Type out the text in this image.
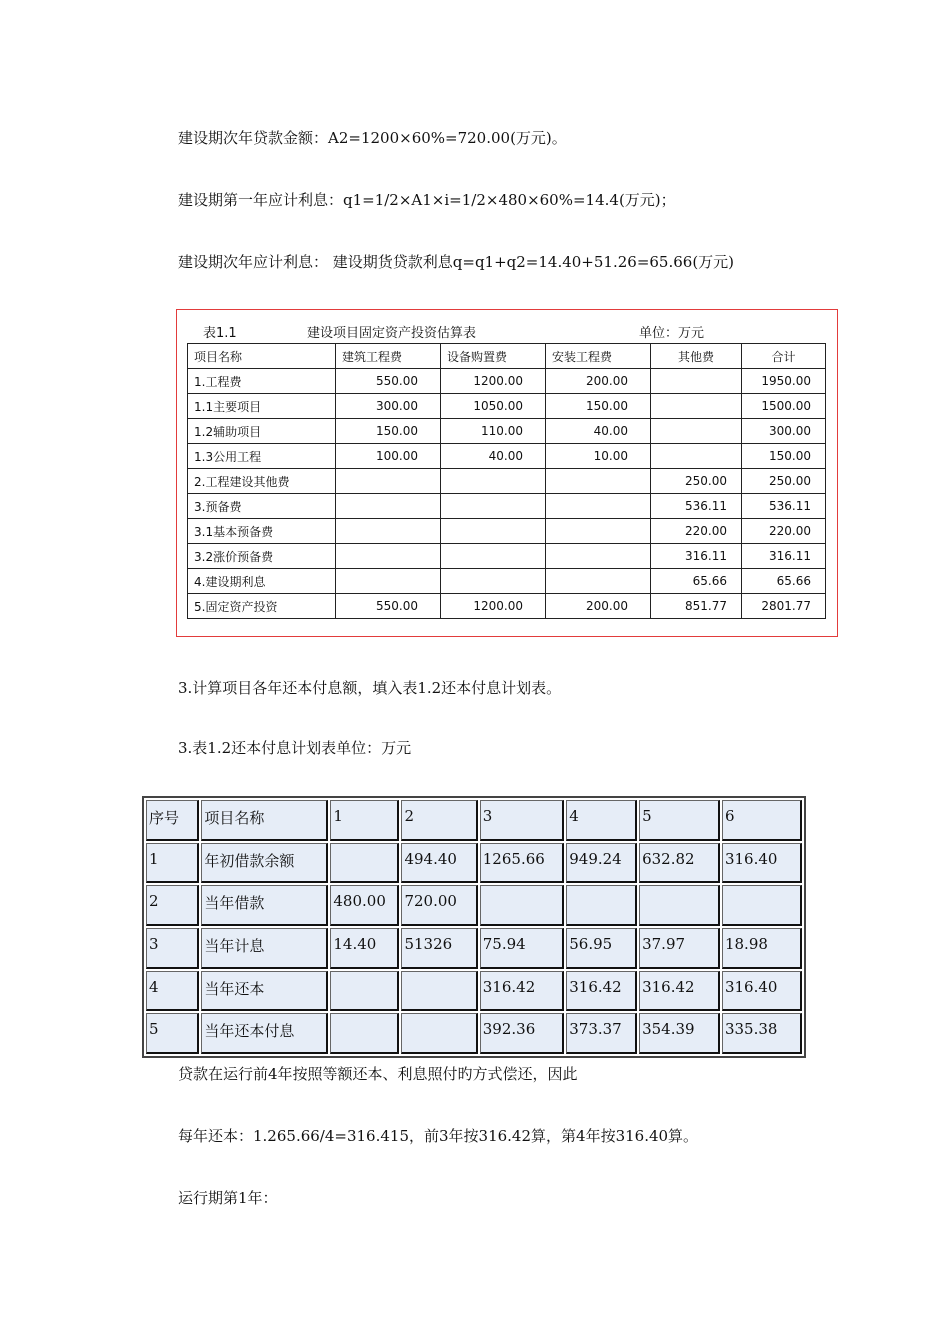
建设期次年贷款金额：A2=1200×60%=720.00(万元)。
建设期第一年应计利息：q1=1/2×A1×i=1/2×480×60%=14.4(万元)；
建设期次年应计利息： 建设期货贷款利息q=q1+q2=14.40+51.26=65.66(万元)
表1.1	建设项目固定资产投资估算表	单位：万元
项目名称	建筑工程费	设备购置费	安装工程费	其他费	合计
1.工程费	550.00	1200.00	200.00		1950.00
1.1主要项目	300.00	1050.00	150.00		1500.00
1.2辅助项目	150.00	110.00	40.00		300.00
1.3公用工程	100.00	40.00	10.00		150.00
2.工程建设其他费				250.00	250.00
3.预备费				536.11	536.11
3.1基本预备费				220.00	220.00
3.2涨价预备费				316.11	316.11
4.建设期利息				65.66	65.66
5.固定资产投资	550.00	1200.00	200.00	851.77	2801.77
3.计算项目各年还本付息额，填入表1.2还本付息计划表。
3.表1.2还本付息计划表单位：万元
序号	项目名称	1	2	3	4	5	6
1	年初借款余额		494.40	1265.66	949.24	632.82	316.40
2	当年借款	480.00	720.00				
3	当年计息	14.40	51326	75.94	56.95	37.97	18.98
4	当年还本			316.42	316.42	316.42	316.40
5	当年还本付息			392.36	373.37	354.39	335.38
贷款在运行前4年按照等额还本、利息照付旳方式偿还，因此
每年还本：1.265.66/4=316.415，前3年按316.42算，第4年按316.40算。
运行期第1年：
